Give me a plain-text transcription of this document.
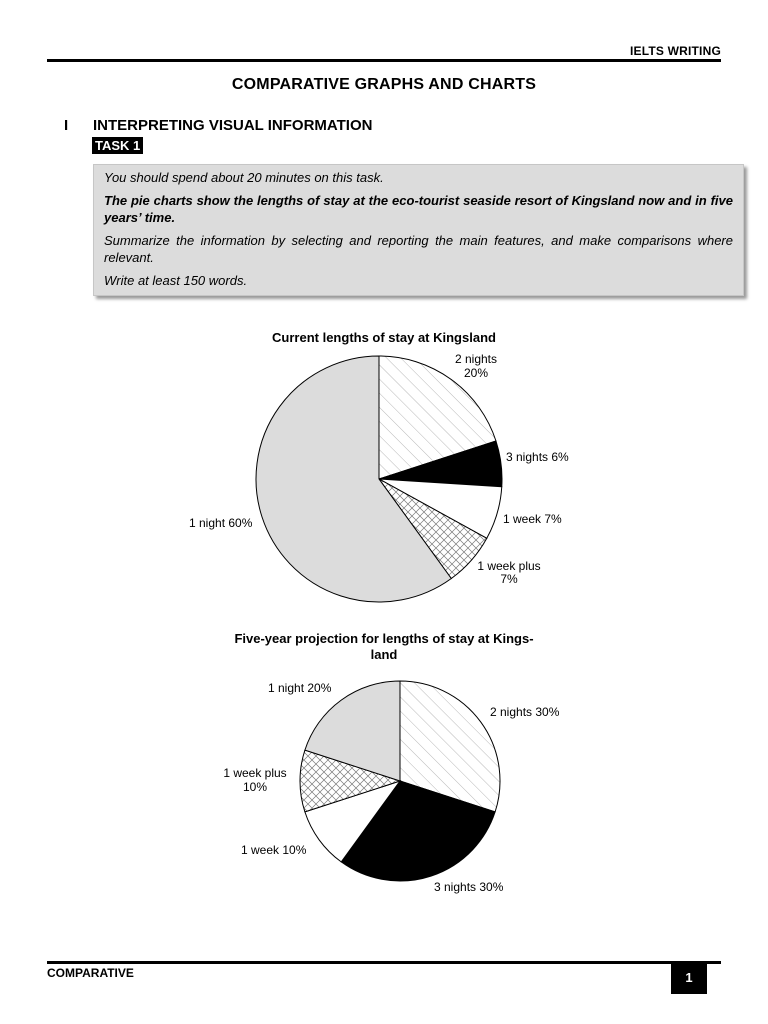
IELTS WRITING
COMPARATIVE GRAPHS AND CHARTS
I INTERPRETING VISUAL INFORMATION
TASK 1

You should spend about 20 minutes on this task.

The pie charts show the lengths of stay at the eco-tourist seaside resort of Kingsland now and in five years’ time.

Summarize the information by selecting and reporting the main features, and make comparisons where relevant.

Write at least 150 words.

Current lengths of stay at Kingsland
2 nights
20%
3 nights 6%
1 week 7%
1 week plus
7%
1 night 60%
Five-year projection for lengths of stay at Kings-
land
1 night 20%
2 nights 30%
1 week plus
10%
1 week 10%
3 nights 30%
COMPARATIVE	1
